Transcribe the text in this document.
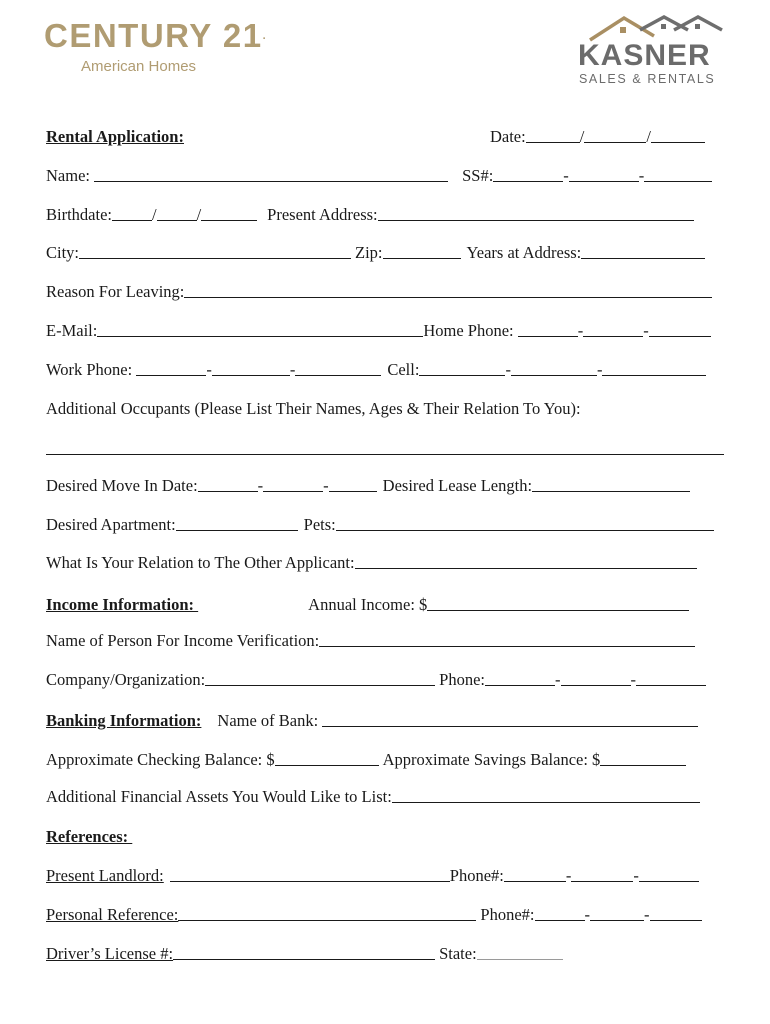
CENTURY 21.
American Homes	KASNER
SALES & RENTALS
Rental Application:	Date:	/	/
Name:	SS#:	-	-
Birthdate: / /	Present Address:
City:	Zip:	Years at Address:
Reason For Leaving:
E-Mail:	Home Phone:	-	-
Work Phone:	-	-	Cell:	-	-
Additional Occupants (Please List Their Names, Ages & Their Relation To You):
Desired Move In Date:	-	-	Desired Lease Length:
Desired Apartment:	Pets:
What Is Your Relation to The Other Applicant:
Income Information:	Annual Income: $
Name of Person For Income Verification:
Company/Organization:	Phone:	-	-
Banking Information: Name of Bank:
Approximate Checking Balance: $	Approximate Savings Balance: $
Additional Financial Assets You Would Like to List:
References:
Present Landlord:	Phone#:	-	-
Personal Reference:	Phone#:	-	-
Driver’s License #:	State:
